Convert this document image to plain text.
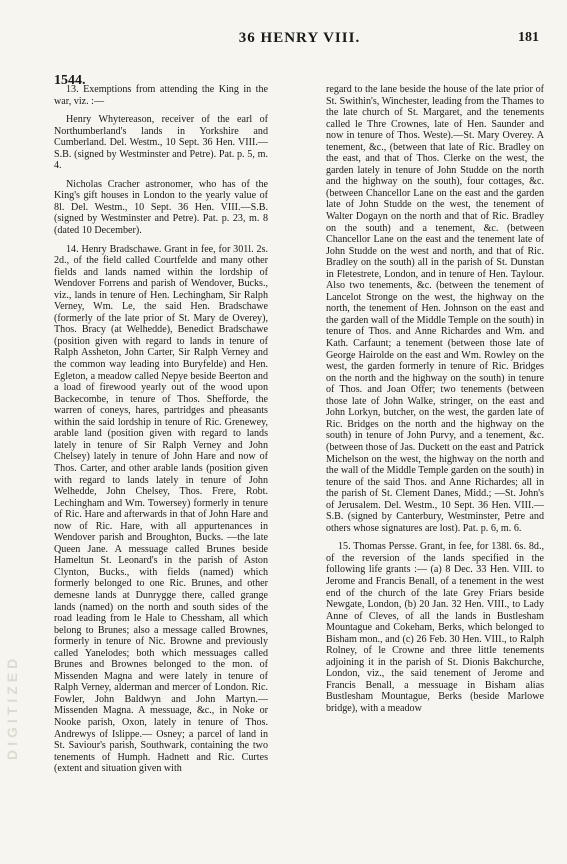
36 HENRY VIII.	181
1544.

13. Exemptions from attending the King in the war, viz. :—

Henry Whytereason, receiver of the earl of Northumberland's lands in Yorkshire and Cumberland. Del. Westm., 10 Sept. 36 Hen. VIII.—S.B. (signed by Westminster and Petre). Pat. p. 5, m. 4.

Nicholas Cracher astronomer, who has of the King's gift houses in London to the yearly value of 8l. Del. Westm., 10 Sept. 36 Hen. VIII.—S.B. (signed by Westminster and Petre). Pat. p. 23, m. 8 (dated 10 December).

14. Henry Bradschawe. Grant in fee, for 301l. 2s. 2d., of the field called Courtfelde and many other fields and lands named within the lordship of Wendover Forrens and parish of Wendover, Bucks., viz., lands in tenure of Hen. Lechingham, Sir Ralph Verney, Wm. Le, the said Hen. Bradschawe (formerly of the late prior of St. Mary de Overey), Thos. Bracy (at Welhedde), Benedict Bradschawe (position given with regard to lands in tenure of Ralph Assheton, John Carter, Sir Ralph Verney and the common way leading into Buryfelde) and Hen. Egleton, a meadow called Nepye beside Beerton and a load of firewood yearly out of the wood upon Backecombe, in tenure of Thos. Shefforde, the warren of coneys, hares, partridges and pheasants within the said lordship in tenure of Ric. Grenewey, arable land (position given with regard to lands lately in tenure of Sir Ralph Verney and John Chelsey) lately in tenure of John Hare and now of Thos. Carter, and other arable lands (position given with regard to lands lately in tenure of John Welhedde, John Chelsey, Thos. Frere, Robt. Lechingham and Wm. Towersey) formerly in tenure of Ric. Hare and afterwards in that of John Hare and now of Ric. Hare, with all appurtenances in Wendover parish and Broughton, Bucks. —the late Queen Jane. A messuage called Brunes beside Hameltun St. Leonard's in the parish of Aston Clynton, Bucks., with fields (named) which formerly belonged to one Ric. Brunes, and other demesne lands at Dunrygge there, called grange lands (named) on the north and south sides of the road leading from le Hale to Chessham, all which belong to Brunes; also a message called Brownes, formerly in tenure of Nic. Browne and previously called Yanelodes; both which messuages called Brunes and Brownes belonged to the mon. of Missenden Magna and were lately in tenure of Ralph Verney, alderman and mercer of London. Ric. Fowler, John Baldwyn and John Martyn.— Missenden Magna. A messuage, &c., in Noke or Nooke parish, Oxon, lately in tenure of Thos. Andrewys of Islippe.— Osney; a parcel of land in St. Saviour's parish, Southwark, containing the two tenements of Humph. Hadnett and Ric. Curtes (extent and situation given with

regard to the lane beside the house of the late prior of St. Swithin's, Winchester, leading from the Thames to the late church of St. Margaret, and the tenements called le Thre Crownes, late of Hen. Saunder and now in tenure of Thos. Weste).—St. Mary Overey. A tenement, &c., (between that late of Ric. Bradley on the east, and that of Thos. Clerke on the west, the garden lately in tenure of John Studde on the north and the highway on the south), four cottages, &c. (between Chancellor Lane on the east and the garden late of John Studde on the west, the tenement of Walter Dogayn on the north and that of Ric. Bradley on the south) and a tenement, &c. (between Chancellor Lane on the east and the tenement late of John Studde on the west and north, and that of Ric. Bradley on the south) all in the parish of St. Dunstan in Fletestrete, London, and in tenure of Hen. Taylour. Also two tenements, &c. (between the tenement of Lancelot Stronge on the west, the highway on the north, the tenement of Hen. Johnson on the east and the garden wall of the Middle Temple on the south) in tenure of Thos. and Anne Richardes and Wm. and Kath. Carfaunt; a tenement (between those late of George Hairolde on the east and Wm. Rowley on the west, the garden formerly in tenure of Ric. Bridges on the north and the highway on the south) in tenure of Thos. and Joan Offer; two tenements (between those late of John Walke, stringer, on the east and John Lorkyn, butcher, on the west, the garden late of Ric. Bridges on the north and the highway on the south) in tenure of John Purvy, and a tenement, &c. (between those of Jas. Duckett on the east and Patrick Michelson on the west, the highway on the north and the wall of the Middle Temple garden on the south) in tenure of the said Thos. and Anne Richardes; all in the parish of St. Clement Danes, Midd.; —St. John's of Jerusalem. Del. Westm., 10 Sept. 36 Hen. VIII.—S.B. (signed by Canterbury, Westminster, Petre and others whose signatures are lost). Pat. p. 6, m. 6.

15. Thomas Persse. Grant, in fee, for 138l. 6s. 8d., of the reversion of the lands specified in the following life grants :— (a) 8 Dec. 33 Hen. VIII. to Jerome and Francis Benall, of a tenement in the west end of the church of the late Grey Friars beside Newgate, London, (b) 20 Jan. 32 Hen. VIII., to Lady Anne of Cleves, of all the lands in Bustlesham Mountague and Cokeham, Berks, which belonged to Bisham mon., and (c) 26 Feb. 30 Hen. VIII., to Ralph Rolney, of le Crowne and three little tenements adjoining it in the parish of St. Dionis Bakchurche, London, viz., the said tenement of Jerome and Francis Benall, a messuage in Bisham alias Bustlesham Mountague, Berks (beside Marlowe bridge), with a meadow

DIGITIZED
